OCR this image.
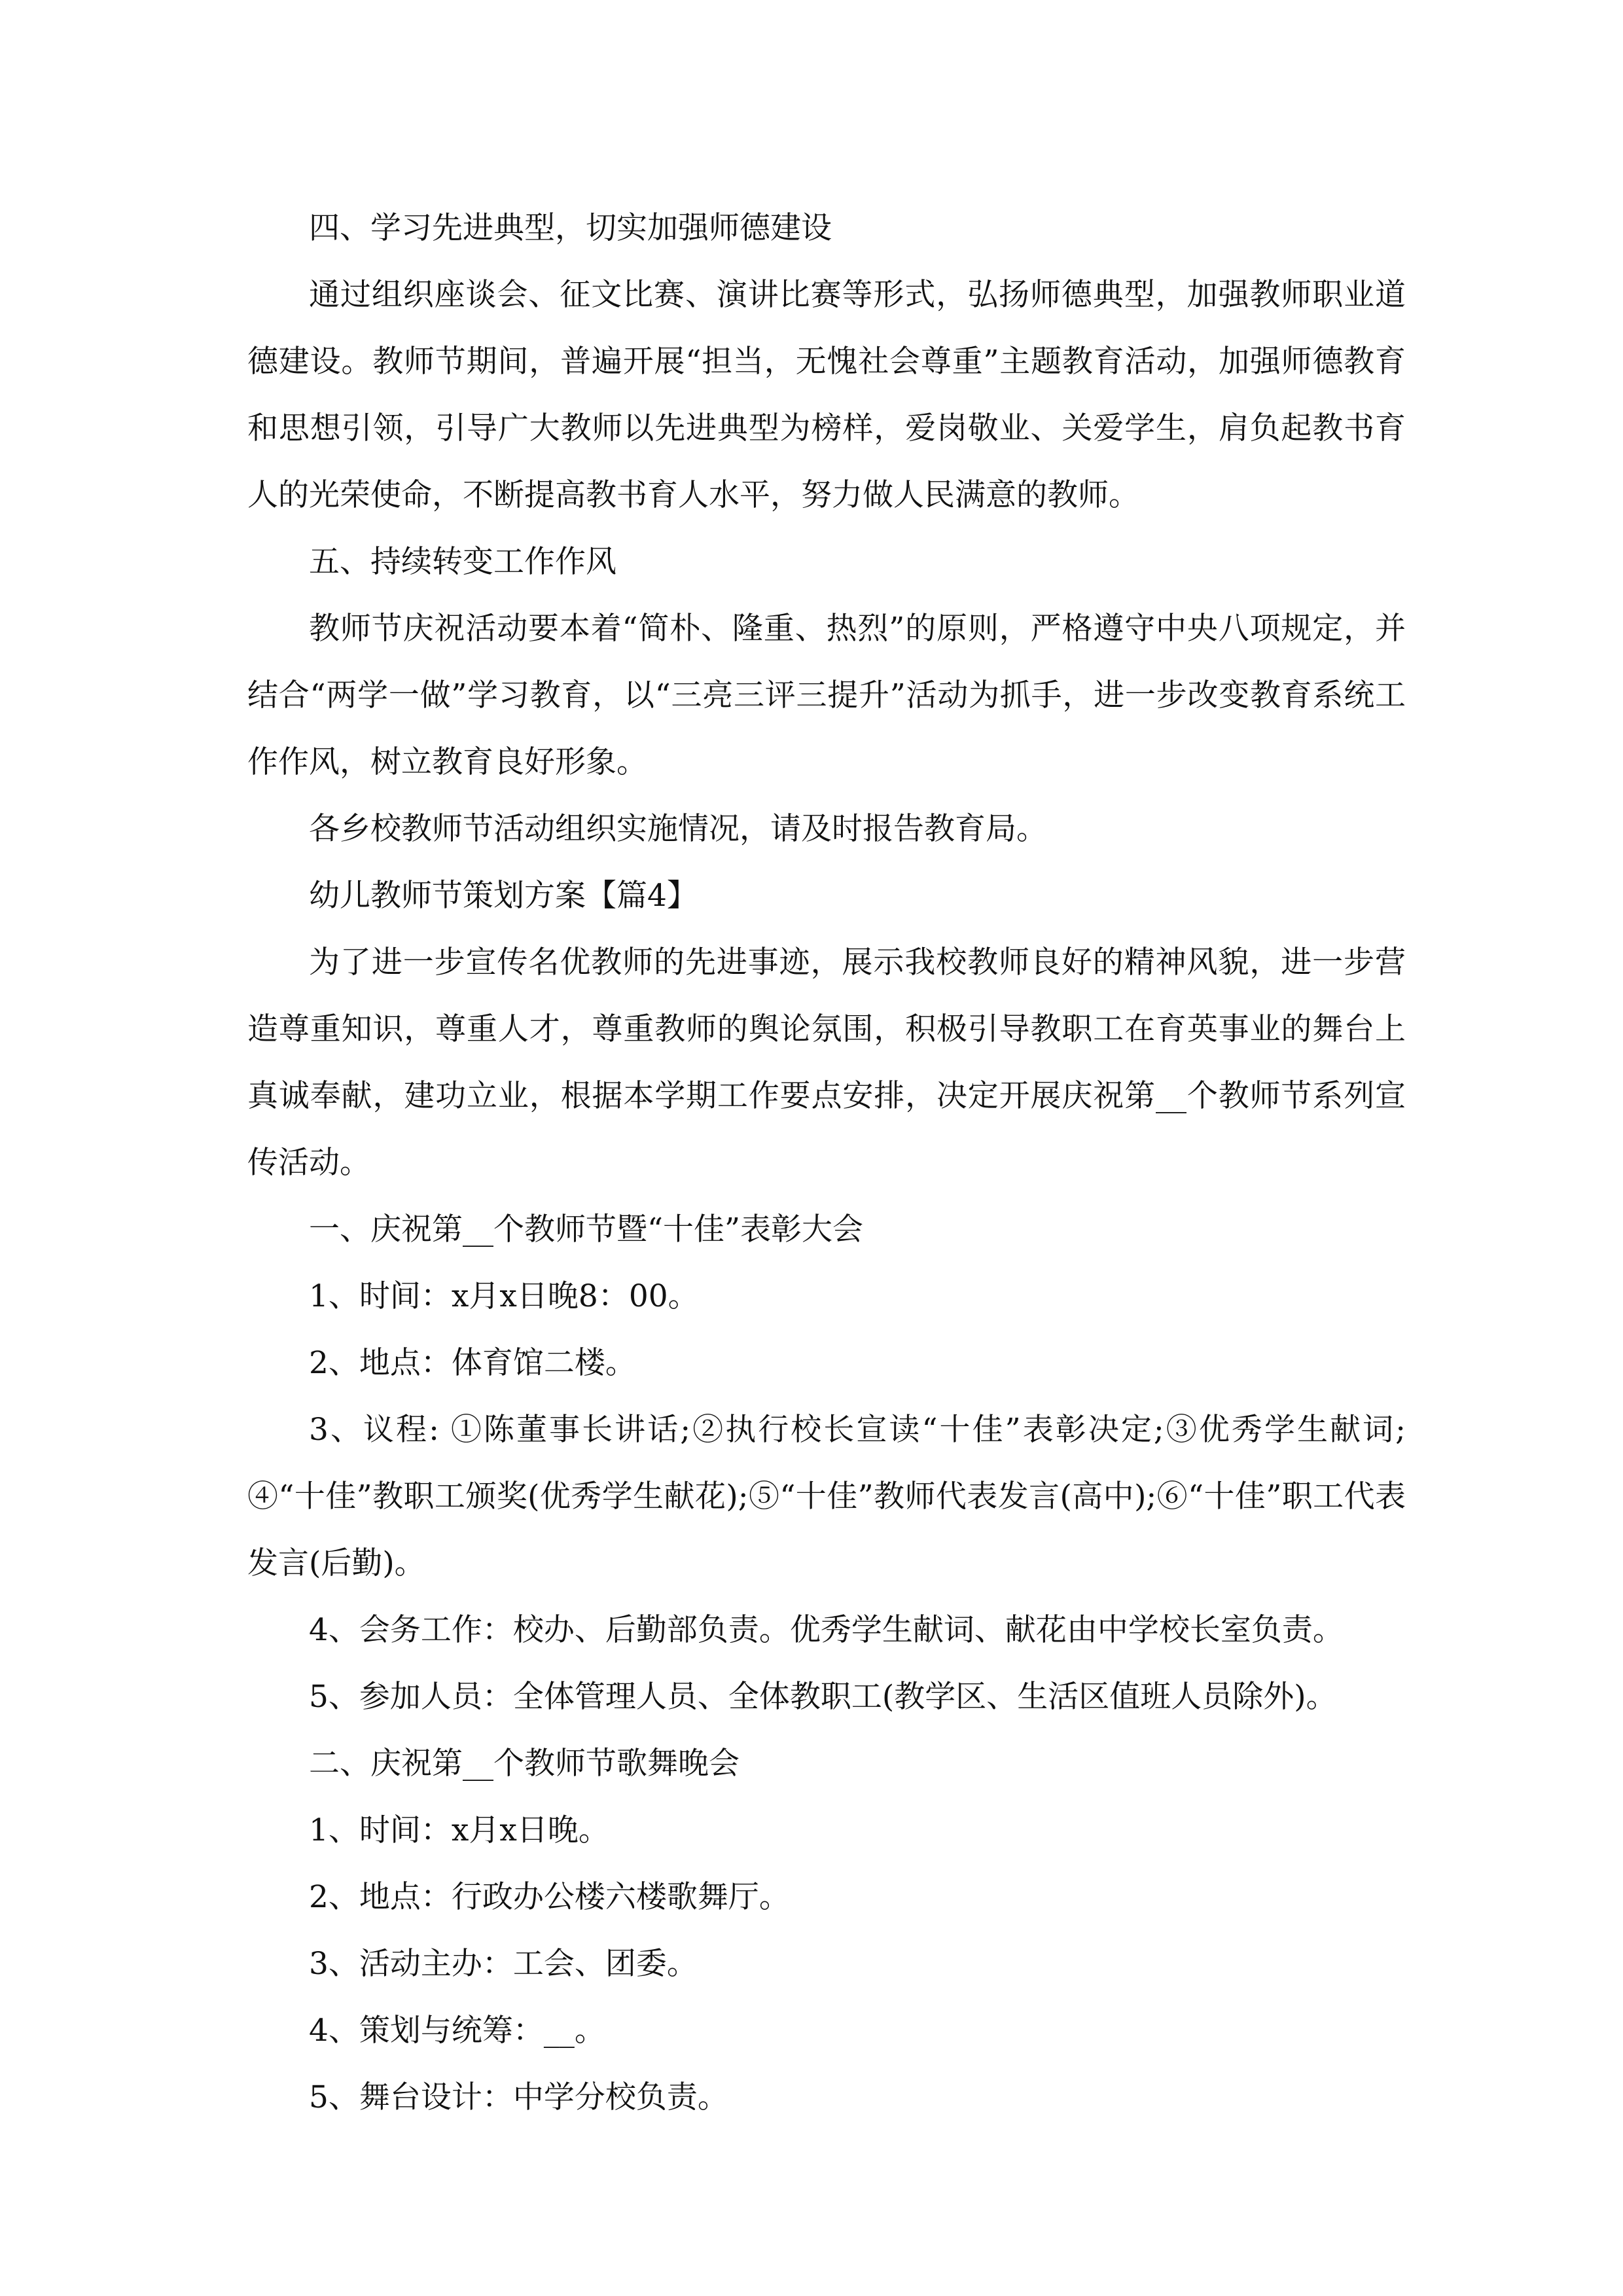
四、学习先进典型，切实加强师德建设

通过组织座谈会、征文比赛、演讲比赛等形式，弘扬师德典型，加强教师职业道德建设。教师节期间，普遍开展“担当，无愧社会尊重”主题教育活动，加强师德教育和思想引领，引导广大教师以先进典型为榜样，爱岗敬业、关爱学生，肩负起教书育人的光荣使命，不断提高教书育人水平，努力做人民满意的教师。

五、持续转变工作作风

教师节庆祝活动要本着“简朴、隆重、热烈”的原则，严格遵守中央八项规定，并结合“两学一做”学习教育，以“三亮三评三提升”活动为抓手，进一步改变教育系统工作作风，树立教育良好形象。

各乡校教师节活动组织实施情况，请及时报告教育局。

幼儿教师节策划方案【篇4】

为了进一步宣传名优教师的先进事迹，展示我校教师良好的精神风貌，进一步营造尊重知识，尊重人才，尊重教师的舆论氛围，积极引导教职工在育英事业的舞台上真诚奉献，建功立业，根据本学期工作要点安排，决定开展庆祝第__个教师节系列宣传活动。

一、庆祝第__个教师节暨“十佳”表彰大会

1、时间：x月x日晚8：00。

2、地点：体育馆二楼。

3、议程: ①陈董事长讲话;②执行校长宣读“十佳”表彰决定;③优秀学生献词;④“十佳”教职工颁奖(优秀学生献花);⑤“十佳”教师代表发言(高中);⑥“十佳”职工代表发言(后勤)。

4、会务工作：校办、后勤部负责。优秀学生献词、献花由中学校长室负责。

5、参加人员：全体管理人员、全体教职工(教学区、生活区值班人员除外)。

二、庆祝第__个教师节歌舞晚会

1、时间：x月x日晚。

2、地点：行政办公楼六楼歌舞厅。

3、活动主办：工会、团委。

4、策划与统筹：__。

5、舞台设计：中学分校负责。
